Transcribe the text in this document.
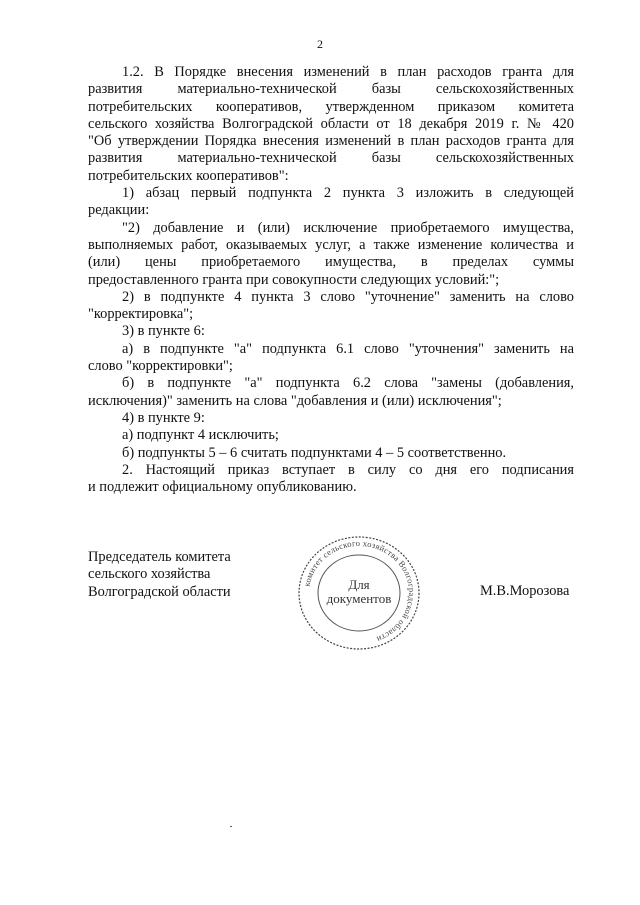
2
1.2. В Порядке внесения изменений в план расходов гранта для
развития материально-технической базы сельскохозяйственных
потребительских кооперативов, утвержденном приказом комитета
сельского хозяйства Волгоградской области от 18 декабря 2019 г. № 420
"Об утверждении Порядка внесения изменений в план расходов гранта для
развития материально-технической базы сельскохозяйственных
потребительских кооперативов":
1) абзац первый подпункта 2 пункта 3 изложить в следующей
редакции:
"2) добавление и (или) исключение приобретаемого имущества,
выполняемых работ, оказываемых услуг, а также изменение количества и
(или) цены приобретаемого имущества, в пределах суммы
предоставленного гранта при совокупности следующих условий:";
2) в подпункте 4 пункта 3 слово "уточнение" заменить на слово
"корректировка";
3) в пункте 6:
а) в подпункте "а" подпункта 6.1 слово "уточнения" заменить на
слово "корректировки";
б) в подпункте "а" подпункта 6.2 слова "замены (добавления,
исключения)" заменить на слова "добавления и (или) исключения";
4) в пункте 9:
а) подпункт 4 исключить;
б) подпункты 5 – 6 считать подпунктами 4 – 5 соответственно.
2. Настоящий приказ вступает в силу со дня его подписания
и подлежит официальному опубликованию.
Председатель комитета
сельского хозяйства
Волгоградской области	комитет сельского хозяйства Волгоградской области
Для
документов	М.В.Морозова
